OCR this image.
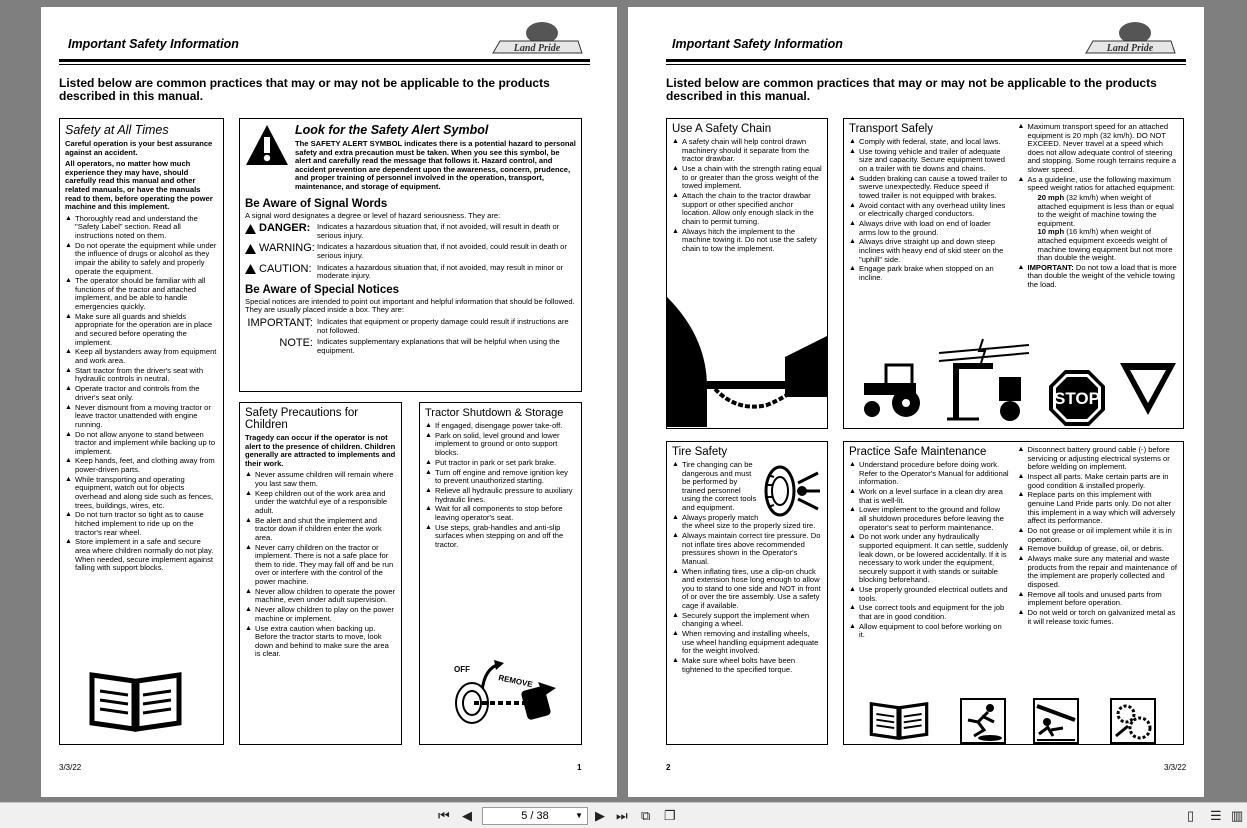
Important Safety Information	Land Pride
Listed below are common practices that may or may not be applicable to the products described in this manual.
Safety at All Times
Careful operation is your best assurance against an accident.
All operators, no matter how much experience they may have, should carefully read this manual and other related manuals, or have the manuals read to them, before operating the power machine and this implement.
▲ Thoroughly read and understand the "Safety Label" section. Read all instructions noted on them.
▲ Do not operate the equipment while under the influence of drugs or alcohol as they impair the ability to safely and properly operate the equipment.
▲ The operator should be familiar with all functions of the tractor and attached implement, and be able to handle emergencies quickly.
▲ Make sure all guards and shields appropriate for the operation are in place and secured before operating the implement.
▲ Keep all bystanders away from equipment and work area.
▲ Start tractor from the driver's seat with hydraulic controls in neutral.
▲ Operate tractor and controls from the driver's seat only.
▲ Never dismount from a moving tractor or leave tractor unattended with engine running.
▲ Do not allow anyone to stand between tractor and implement while backing up to implement.
▲ Keep hands, feet, and clothing away from power-driven parts.
▲ While transporting and operating equipment, watch out for objects overhead and along side such as fences, trees, buildings, wires, etc.
▲ Do not turn tractor so tight as to cause hitched implement to ride up on the tractor's rear wheel.
▲ Store implement in a safe and secure area where children normally do not play. When needed, secure implement against falling with support blocks.
Look for the Safety Alert Symbol
The SAFETY ALERT SYMBOL indicates there is a potential hazard to personal safety and extra precaution must be taken. When you see this symbol, be alert and carefully read the message that follows it. Hazard control, and accident prevention are dependent upon the awareness, concern, prudence, and proper training of personnel involved in the operation, transport, maintenance, and storage of equipment.
Be Aware of Signal Words
A signal word designates a degree or level of hazard seriousness. They are:
DANGER: Indicates a hazardous situation that, if not avoided, will result in death or serious injury.
WARNING: Indicates a hazardous situation that, if not avoided, could result in death or serious injury.
CAUTION: Indicates a hazardous situation that, if not avoided, may result in minor or moderate injury.
Be Aware of Special Notices
Special notices are intended to point out important and helpful information that should be followed. They are usually placed inside a box. They are:
IMPORTANT: Indicates that equipment or property damage could result if instructions are not followed.
NOTE: Indicates supplementary explanations that will be helpful when using the equipment.
Safety Precautions for Children
Tragedy can occur if the operator is not alert to the presence of children. Children generally are attracted to implements and their work.
▲ Never assume children will remain where you last saw them.
▲ Keep children out of the work area and under the watchful eye of a responsible adult.
▲ Be alert and shut the implement and tractor down if children enter the work area.
▲ Never carry children on the tractor or implement. There is not a safe place for them to ride. They may fall off and be run over or interfere with the control of the power machine.
▲ Never allow children to operate the power machine, even under adult supervision.
▲ Never allow children to play on the power machine or implement.
▲ Use extra caution when backing up. Before the tractor starts to move, look down and behind to make sure the area is clear.
Tractor Shutdown & Storage
▲ If engaged, disengage power take-off.
▲ Park on solid, level ground and lower implement to ground or onto support blocks.
▲ Put tractor in park or set park brake.
▲ Turn off engine and remove ignition key to prevent unauthorized starting.
▲ Relieve all hydraulic pressure to auxiliary hydraulic lines.
▲ Wait for all components to stop before leaving operator's seat.
▲ Use steps, grab-handles and anti-slip surfaces when stepping on and off the tractor.
OFF
REMOVE
3/3/22	1
Important Safety Information	Land Pride
Listed below are common practices that may or may not be applicable to the products described in this manual.
Use A Safety Chain
▲ A safety chain will help control drawn machinery should it separate from the tractor drawbar.
▲ Use a chain with the strength rating equal to or greater than the gross weight of the towed implement.
▲ Attach the chain to the tractor drawbar support or other specified anchor location. Allow only enough slack in the chain to permit turning.
▲ Always hitch the implement to the machine towing it. Do not use the safety chain to tow the implement.
Transport Safely
▲ Comply with federal, state, and local laws.
▲ Use towing vehicle and trailer of adequate size and capacity. Secure equipment towed on a trailer with tie downs and chains.
▲ Sudden braking can cause a towed trailer to swerve unexpectedly. Reduce speed if towed trailer is not equipped with brakes.
▲ Avoid contact with any overhead utility lines or electrically charged conductors.
▲ Always drive with load on end of loader arms low to the ground.
▲ Always drive straight up and down steep inclines with heavy end of skid steer on the "uphill" side.
▲ Engage park brake when stopped on an incline.
▲ Maximum transport speed for an attached equipment is 20 mph (32 km/h). DO NOT EXCEED. Never travel at a speed which does not allow adequate control of steering and stopping. Some rough terrains require a slower speed.
▲ As a guideline, use the following maximum speed weight ratios for attached equipment:
20 mph (32 km/h) when weight of attached equipment is less than or equal to the weight of machine towing the equipment.
10 mph (16 km/h) when weight of attached equipment exceeds weight of machine towing equipment but not more than double the weight.
▲ IMPORTANT: Do not tow a load that is more than double the weight of the vehicle towing the load.
STOP
Tire Safety
▲ Tire changing can be dangerous and must be performed by trained personnel using the correct tools and equipment.
▲ Always properly match the wheel size to the properly sized tire.
▲ Always maintain correct tire pressure. Do not inflate tires above recommended pressures shown in the Operator's Manual.
▲ When inflating tires, use a clip-on chuck and extension hose long enough to allow you to stand to one side and NOT in front of or over the tire assembly. Use a safety cage if available.
▲ Securely support the implement when changing a wheel.
▲ When removing and installing wheels, use wheel handling equipment adequate for the weight involved.
▲ Make sure wheel bolts have been tightened to the specified torque.
Practice Safe Maintenance
▲ Understand procedure before doing work. Refer to the Operator's Manual for additional information.
▲ Work on a level surface in a clean dry area that is well-lit.
▲ Lower implement to the ground and follow all shutdown procedures before leaving the operator's seat to perform maintenance.
▲ Do not work under any hydraulically supported equipment. It can settle, suddenly leak down, or be lowered accidentally. If it is necessary to work under the equipment, securely support it with stands or suitable blocking beforehand.
▲ Use properly grounded electrical outlets and tools.
▲ Use correct tools and equipment for the job that are in good condition.
▲ Allow equipment to cool before working on it.
▲ Disconnect battery ground cable (-) before servicing or adjusting electrical systems or before welding on implement.
▲ Inspect all parts. Make certain parts are in good condition & installed properly.
▲ Replace parts on this implement with genuine Land Pride parts only. Do not alter this implement in a way which will adversely affect its performance.
▲ Do not grease or oil implement while it is in operation.
▲ Remove buildup of grease, oil, or debris.
▲ Always make sure any material and waste products from the repair and maintenance of the implement are properly collected and disposed.
▲ Remove all tools and unused parts from implement before operation.
▲ Do not weld or torch on galvanized metal as it will release toxic fumes.
2	3/3/22
⏮ ◀	5 / 38	▼ ▶ ⏭ ⧉ ❐	▯ ☰ ▥
